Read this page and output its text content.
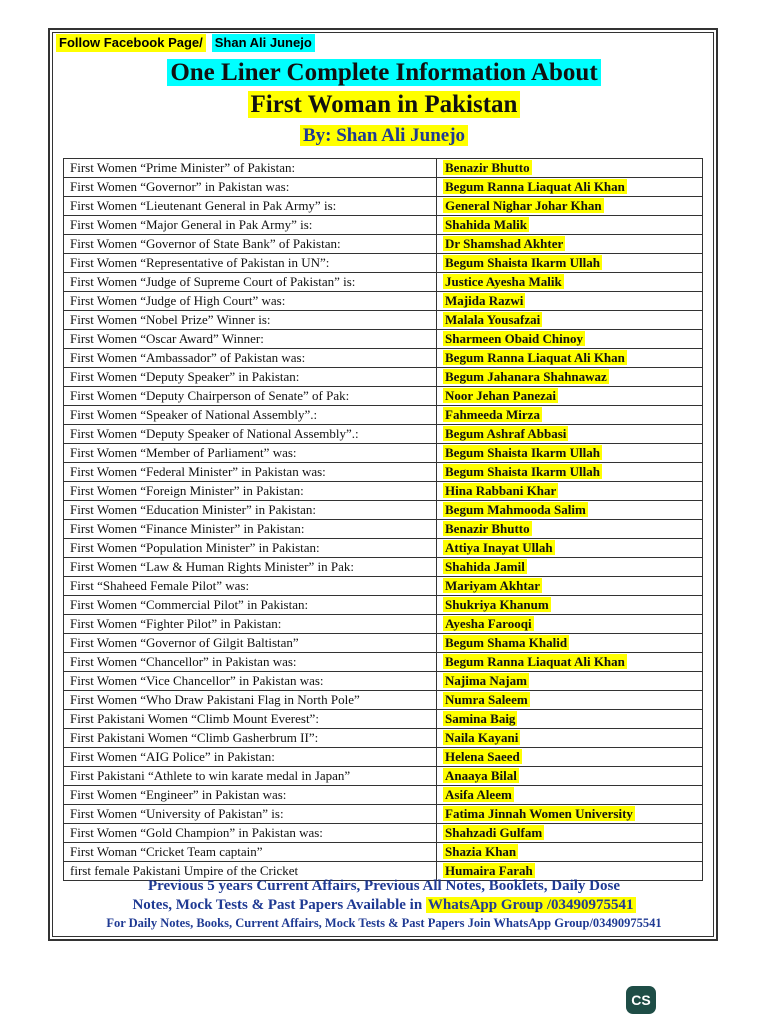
Follow Facebook Page/ Shan Ali Junejo
One Liner Complete Information About
First Woman in Pakistan
By: Shan Ali Junejo
First Women “Prime Minister” of Pakistan:	Benazir Bhutto
First Women “Governor” in Pakistan was:	Begum Ranna Liaquat Ali Khan
First Women “Lieutenant General in Pak Army” is:	General Nighar Johar Khan
First Women “Major General in Pak Army” is:	Shahida Malik
First Women “Governor of State Bank” of Pakistan:	Dr Shamshad Akhter
First Women “Representative of Pakistan in UN”:	Begum Shaista Ikarm Ullah
First Women “Judge of Supreme Court of Pakistan” is:	Justice Ayesha Malik
First Women “Judge of High Court” was:	Majida Razwi
First Women “Nobel Prize” Winner is:	Malala Yousafzai
First Women “Oscar Award” Winner:	Sharmeen Obaid Chinoy
First Women “Ambassador” of Pakistan was:	Begum Ranna Liaquat Ali Khan
First Women “Deputy Speaker” in Pakistan:	Begum Jahanara Shahnawaz
First Women “Deputy Chairperson of Senate” of Pak:	Noor Jehan Panezai
First Women “Speaker of National Assembly”.:	Fahmeeda Mirza
First Women “Deputy Speaker of National Assembly”.:	Begum Ashraf Abbasi
First Women “Member of Parliament” was:	Begum Shaista Ikarm Ullah
First Women “Federal Minister” in Pakistan was:	Begum Shaista Ikarm Ullah
First Women “Foreign Minister” in Pakistan:	Hina Rabbani Khar
First Women “Education Minister” in Pakistan:	Begum Mahmooda Salim
First Women “Finance Minister” in Pakistan:	Benazir Bhutto
First Women “Population Minister” in Pakistan:	Attiya Inayat Ullah
First Women “Law & Human Rights Minister” in Pak:	Shahida Jamil
First “Shaheed Female Pilot” was:	Mariyam Akhtar
First Women “Commercial Pilot” in Pakistan:	Shukriya Khanum
First Women “Fighter Pilot” in Pakistan:	Ayesha Farooqi
First Women “Governor of Gilgit Baltistan”	Begum Shama Khalid
First Women “Chancellor” in Pakistan was:	Begum Ranna Liaquat Ali Khan
First Women “Vice Chancellor” in Pakistan was:	Najima Najam
First Women “Who Draw Pakistani Flag in North Pole”	Numra Saleem
First Pakistani Women “Climb Mount Everest”:	Samina Baig
First Pakistani Women “Climb Gasherbrum II”:	Naila Kayani
First Women “AIG Police” in Pakistan:	Helena Saeed
First Pakistani “Athlete to win karate medal in Japan”	Anaaya Bilal
First Women “Engineer” in Pakistan was:	Asifa Aleem
First Women “University of Pakistan” is:	Fatima Jinnah Women University
First Women “Gold Champion” in Pakistan was:	Shahzadi Gulfam
First Woman “Cricket Team captain”	Shazia Khan
first female Pakistani Umpire of the Cricket	Humaira Farah
Previous 5 years Current Affairs, Previous All Notes, Booklets, Daily Dose
Notes, Mock Tests & Past Papers Available in WhatsApp Group /03490975541
For Daily Notes, Books, Current Affairs, Mock Tests & Past Papers Join WhatsApp Group/03490975541
CS
